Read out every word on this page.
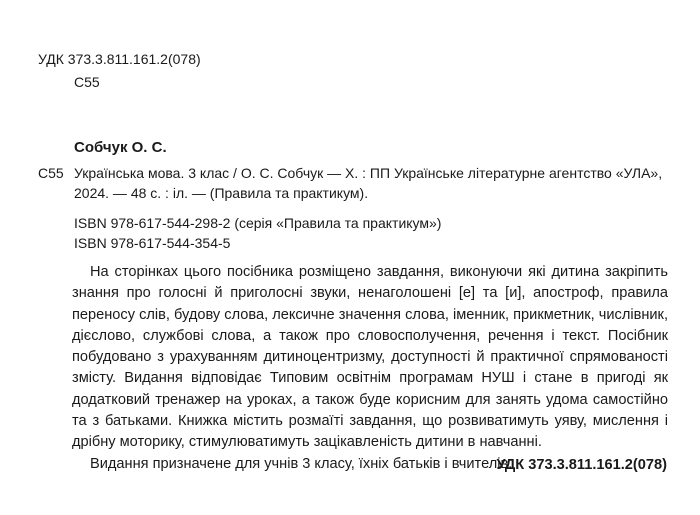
УДК 373.3.811.161.2(078)
С55
Собчук О. С.
С55 Українська мова. 3 клас / О. С. Собчук — Х. : ПП Українське літературне агентство «УЛА»,
2024. — 48 с. : іл. — (Правила та практикум).
ISBN 978-617-544-298-2 (серія «Правила та практикум»)
ISBN 978-617-544-354-5

На сторінках цього посібника розміщено завдання, виконуючи які дитина закріпить знання про голосні й приголосні звуки, ненаголошені [е] та [и], апостроф, правила переносу слів, будову слова, лексичне значення слова, іменник, прикметник, числівник, дієслово, службові слова, а також про словосполучення, речення і текст. Посібник побудовано з урахуванням дитиноцентризму, доступності й практичної спрямованості змісту. Видання відповідає Типовим освітнім програмам НУШ і стане в пригоді як додатковий тренажер на уроках, а також буде корисним для занять удома самостійно та з батьками. Книжка містить розмаїті завдання, що розвиватимуть уяву, мислення і дрібну моторику, стимулюватимуть зацікавленість дитини в навчанні.

Видання призначене для учнів 3 класу, їхніх батьків і вчителів.

УДК 373.3.811.161.2(078)
